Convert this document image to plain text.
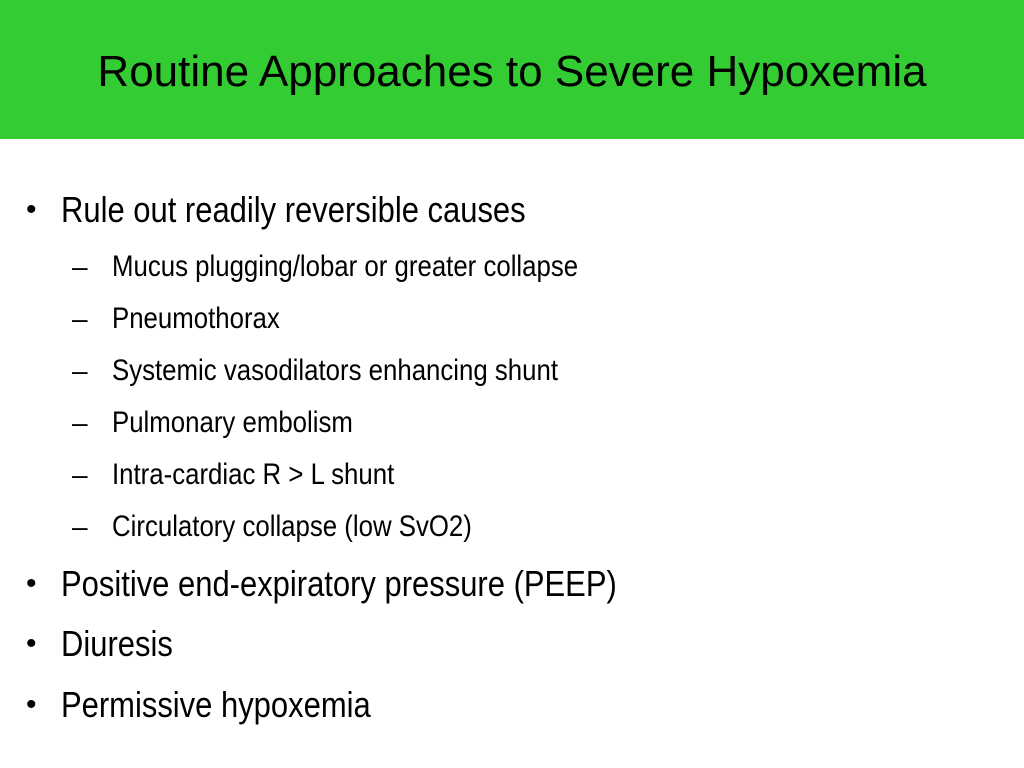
Routine Approaches to Severe Hypoxemia
• Rule out readily reversible causes
– Mucus plugging/lobar or greater collapse
– Pneumothorax
– Systemic vasodilators enhancing shunt
– Pulmonary embolism
– Intra-cardiac R > L shunt
– Circulatory collapse (low SvO2)
• Positive end-expiratory pressure (PEEP)
• Diuresis
• Permissive hypoxemia
